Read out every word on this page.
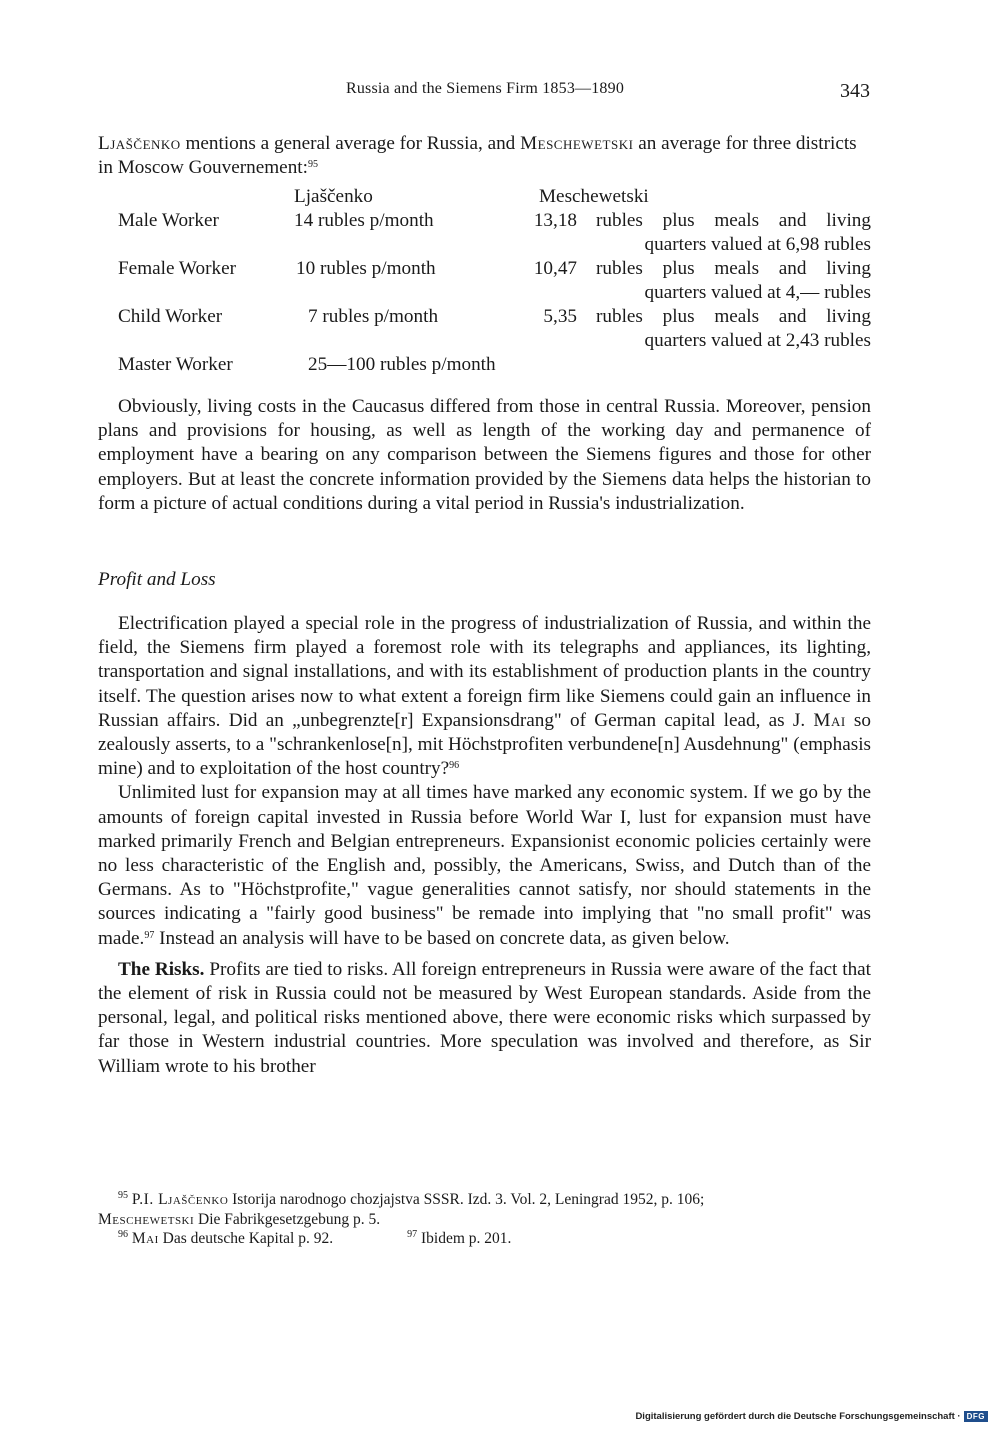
Russia and the Siemens Firm 1853—1890	343
Ljaščenko mentions a general average for Russia, and Meschewetski an average for three districts in Moscow Gouvernement:$^{95}$
Ljaščenko	Meschewetski
Male Worker	14 rubles p/month	13,18 rubles plus meals and living
quarters valued at 6,98 rubles
Female Worker	10 rubles p/month	10,47 rubles plus meals and living
quarters valued at 4,— rubles
Child Worker	7 rubles p/month	5,35 rubles plus meals and living
quarters valued at 2,43 rubles
Master Worker	25—100 rubles p/month

Obviously, living costs in the Caucasus differed from those in central Russia. Moreover, pension plans and provisions for housing, as well as length of the working day and permanence of employment have a bearing on any comparison between the Siemens figures and those for other employers. But at least the concrete information provided by the Siemens data helps the historian to form a picture of actual conditions during a vital period in Russia's industrialization.

Profit and Loss

Electrification played a special role in the progress of industrialization of Russia, and within the field, the Siemens firm played a foremost role with its telegraphs and appliances, its lighting, transportation and signal installations, and with its establishment of production plants in the country itself. The question arises now to what extent a foreign firm like Siemens could gain an influence in Russian affairs. Did an „unbegrenzte[r] Expansionsdrang" of German capital lead, as J. Mai so zealously asserts, to a "schrankenlose[n], mit Höchstprofiten verbundene[n] Ausdehnung" (emphasis mine) and to exploitation of the host country?$^{96}$

Unlimited lust for expansion may at all times have marked any economic system. If we go by the amounts of foreign capital invested in Russia before World War I, lust for expansion must have marked primarily French and Belgian entrepreneurs. Expansionist economic policies certainly were no less characteristic of the English and, possibly, the Americans, Swiss, and Dutch than of the Germans. As to "Höchstprofite," vague generalities cannot satisfy, nor should statements in the sources indicating a "fairly good business" be remade into implying that "no small profit" was made.$^{97}$ Instead an analysis will have to be based on concrete data, as given below.

The Risks. Profits are tied to risks. All foreign entrepreneurs in Russia were aware of the fact that the element of risk in Russia could not be measured by West European standards. Aside from the personal, legal, and political risks mentioned above, there were economic risks which surpassed by far those in Western industrial countries. More speculation was involved and therefore, as Sir William wrote to his brother

$^{95}$ P.I. Ljaščenko Istorija narodnogo chozjajstva SSSR. Izd. 3. Vol. 2, Leningrad 1952, p. 106;
Meschewetski Die Fabrikgesetzgebung p. 5.
$^{96}$ Mai Das deutsche Kapital p. 92.	$^{97}$ Ibidem p. 201.
Digitalisierung gefördert durch die Deutsche Forschungsgemeinschaft · DFG
